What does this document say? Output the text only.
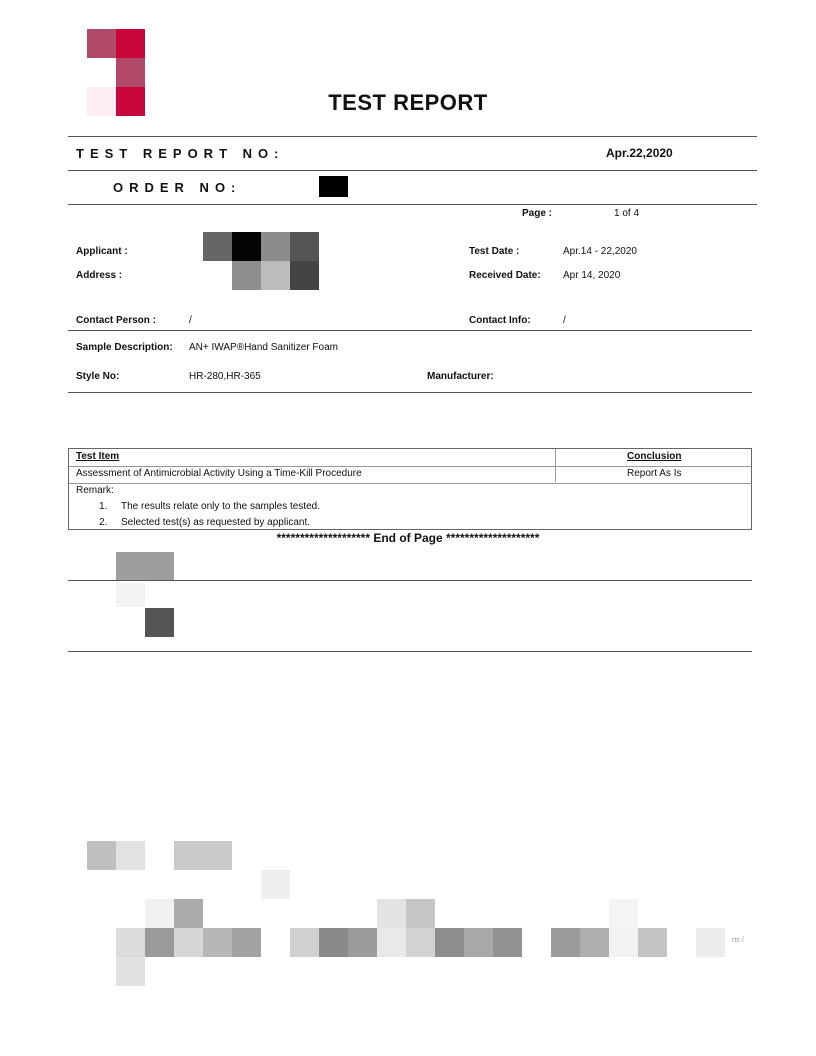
TEST REPORT
TEST REPORT NO:	Apr.22,2020
ORDER NO:
Page :	1 of 4
Applicant :
Address :
Test Date :	Apr.14 - 22,2020
Received Date: Apr 14, 2020
Contact Person :	/	Contact Info:	/
Sample Description: AN+ IWAP®Hand Sanitizer Foam
Style No:	HR-280,HR-365	Manufacturer:
Test Item	Conclusion
Assessment of Antimicrobial Activity Using a Time-Kill Procedure	Report As Is
Remark:
1. The results relate only to the samples tested.
2. Selected test(s) as requested by applicant.
******************** End of Page ********************
rts /
